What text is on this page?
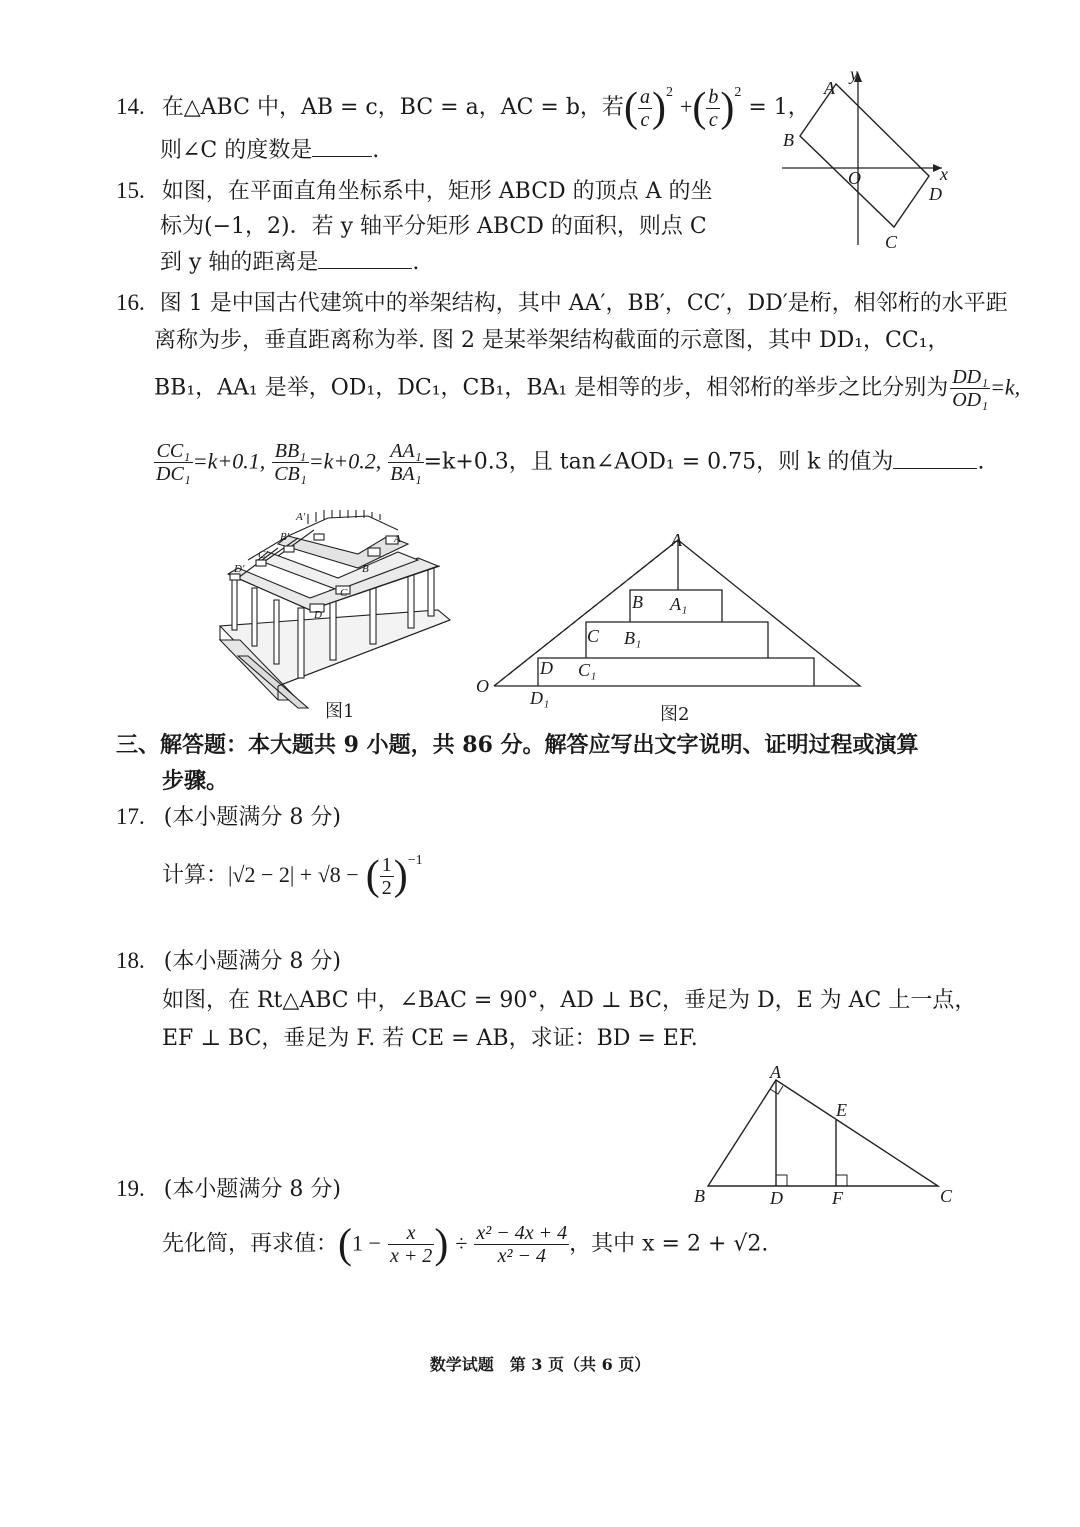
14. 在△ABC 中，AB = c，BC = a，AC = b，若( $\frac{a}{c} )^2$ +( $\frac{b}{c} )^2 = 1$，
则∠C 的度数是	.
y
x
A
B
O
D
C
15. 如图，在平面直角坐标系中，矩形 ABCD 的顶点 A 的坐
标为(−1，2)．若 y 轴平分矩形 ABCD 的面积，则点 C
到 y 轴的距离是	.
16. 图 1 是中国古代建筑中的举架结构，其中 AA′，BB′，CC′，DD′是桁，相邻桁的水平距
离称为步，垂直距离称为举. 图 2 是某举架结构截面的示意图，其中 DD₁，CC₁，
BB₁，AA₁ 是举，OD₁，DC₁，CB₁，BA₁ 是相等的步，相邻桁的举步之比分别为 $\frac{\text{DD₁}}{\text{OD₁}} =k$,
$\frac{\text{CC₁}}{\text{DC₁}} =k+0.1$, $\frac{\text{BB₁}}{\text{CB₁}} =k+0.2$, $\frac{\text{AA₁}}{\text{BA₁}} =k+0.3$，且 tan∠AOD₁ = 0.75，则 k 的值为	.
A′
B′
C′
D′
A
B
C
D
图1
A
B A₁
C B₁
D C₁
O
D₁
图2
三、解答题：本大题共 9 小题，共 86 分。解答应写出文字说明、证明过程或演算
步骤。
17. (本小题满分 8 分)
计算：|√2 − 2| + √8 − ( $\frac{1}{2} )^{-1}$
18. (本小题满分 8 分)
如图，在 Rt△ABC 中，∠BAC = 90°，AD ⊥ BC，垂足为 D，E 为 AC 上一点，
EF ⊥ BC，垂足为 F. 若 CE = AB，求证：BD = EF.
A
E
B	D	F	C
19. (本小题满分 8 分)
先化简，再求值：($1 - \frac{x}{x + 2}$ ) ÷ $\frac{\text{x² − 4x + 4}}{\text{x² − 4}}$ ，其中 x = 2 + √2.
数学试题　第 3 页（共 6 页）
